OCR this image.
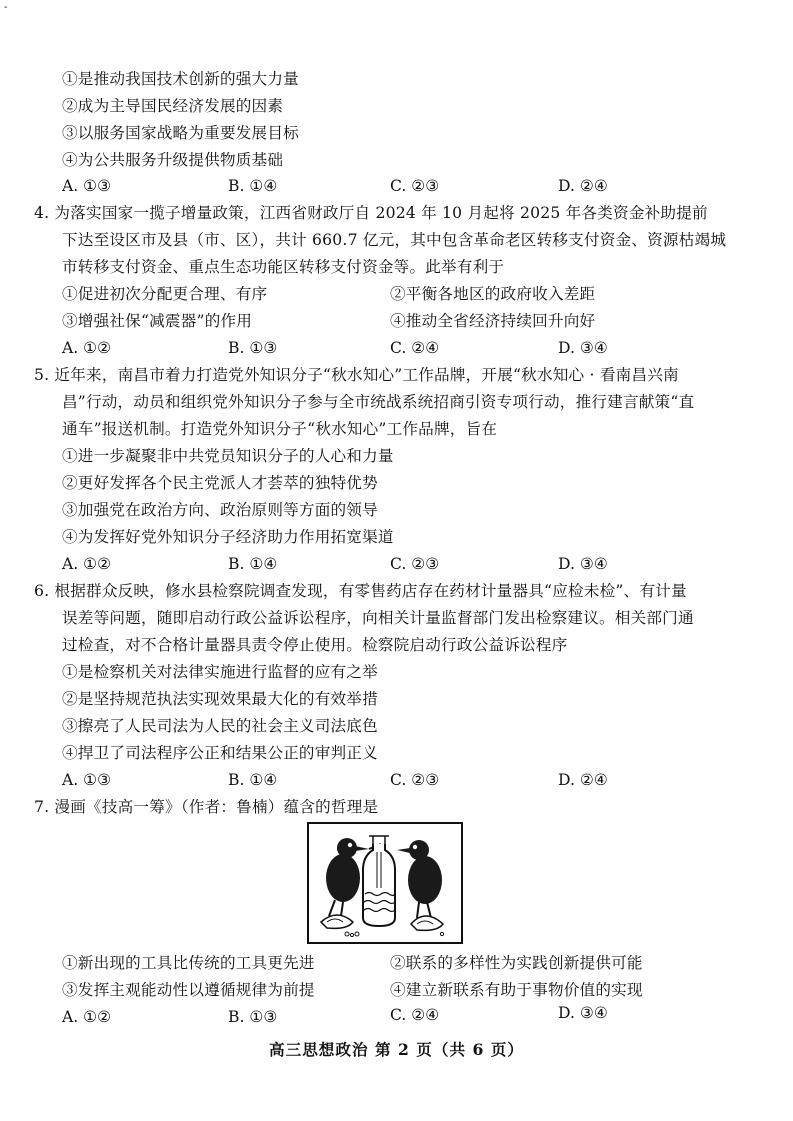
-
①是推动我国技术创新的强大力量
②成为主导国民经济发展的因素
③以服务国家战略为重要发展目标
④为公共服务升级提供物质基础
A. ①③	B. ①④	C. ②③	D. ②④
4. 为落实国家一揽子增量政策，江西省财政厅自 2024 年 10 月起将 2025 年各类资金补助提前
下达至设区市及县（市、区），共计 660.7 亿元，其中包含革命老区转移支付资金、资源枯竭城
市转移支付资金、重点生态功能区转移支付资金等。此举有利于
①促进初次分配更合理、有序	②平衡各地区的政府收入差距
③增强社保“减震器”的作用	④推动全省经济持续回升向好
A. ①②	B. ①③	C. ②④	D. ③④
5. 近年来，南昌市着力打造党外知识分子“秋水知心”工作品牌，开展“秋水知心 · 看南昌兴南
昌”行动，动员和组织党外知识分子参与全市统战系统招商引资专项行动，推行建言献策“直
通车”报送机制。打造党外知识分子“秋水知心”工作品牌，旨在
①进一步凝聚非中共党员知识分子的人心和力量
②更好发挥各个民主党派人才荟萃的独特优势
③加强党在政治方向、政治原则等方面的领导
④为发挥好党外知识分子经济助力作用拓宽渠道
A. ①②	B. ①④	C. ②③	D. ③④
6. 根据群众反映，修水县检察院调查发现，有零售药店存在药材计量器具“应检未检”、有计量
误差等问题，随即启动行政公益诉讼程序，向相关计量监督部门发出检察建议。相关部门通
过检查，对不合格计量器具责令停止使用。检察院启动行政公益诉讼程序
①是检察机关对法律实施进行监督的应有之举
②是坚持规范执法实现效果最大化的有效举措
③擦亮了人民司法为人民的社会主义司法底色
④捍卫了司法程序公正和结果公正的审判正义
A. ①③	B. ①④	C. ②③	D. ②④
7. 漫画《技高一筹》（作者：鲁楠）蕴含的哲理是
①新出现的工具比传统的工具更先进	②联系的多样性为实践创新提供可能
③发挥主观能动性以遵循规律为前提	④建立新联系有助于事物价值的实现
A. ①②	B. ①③	C. ②④	D. ③④
高三思想政治 第 2 页（共 6 页）
